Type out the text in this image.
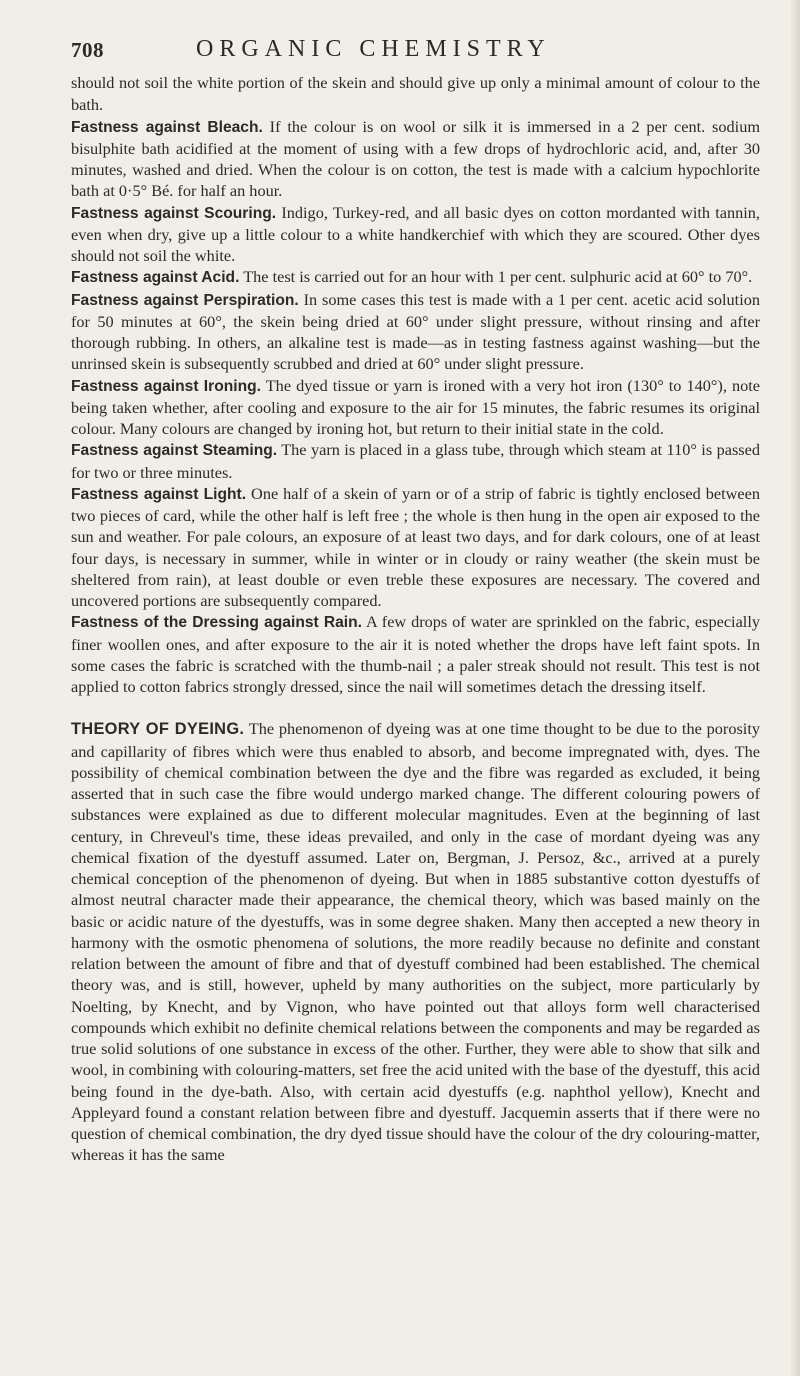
708	ORGANIC CHEMISTRY

should not soil the white portion of the skein and should give up only a minimal amount of colour to the bath.

Fastness against Bleach. If the colour is on wool or silk it is immersed in a 2 per cent. sodium bisulphite bath acidified at the moment of using with a few drops of hydrochloric acid, and, after 30 minutes, washed and dried. When the colour is on cotton, the test is made with a calcium hypochlorite bath at 0·5° Bé. for half an hour.

Fastness against Scouring. Indigo, Turkey-red, and all basic dyes on cotton mordanted with tannin, even when dry, give up a little colour to a white handkerchief with which they are scoured. Other dyes should not soil the white.

Fastness against Acid. The test is carried out for an hour with 1 per cent. sulphuric acid at 60° to 70°.

Fastness against Perspiration. In some cases this test is made with a 1 per cent. acetic acid solution for 50 minutes at 60°, the skein being dried at 60° under slight pressure, without rinsing and after thorough rubbing. In others, an alkaline test is made—as in testing fastness against washing—but the unrinsed skein is subsequently scrubbed and dried at 60° under slight pressure.

Fastness against Ironing. The dyed tissue or yarn is ironed with a very hot iron (130° to 140°), note being taken whether, after cooling and exposure to the air for 15 minutes, the fabric resumes its original colour. Many colours are changed by ironing hot, but return to their initial state in the cold.

Fastness against Steaming. The yarn is placed in a glass tube, through which steam at 110° is passed for two or three minutes.

Fastness against Light. One half of a skein of yarn or of a strip of fabric is tightly enclosed between two pieces of card, while the other half is left free ; the whole is then hung in the open air exposed to the sun and weather. For pale colours, an exposure of at least two days, and for dark colours, one of at least four days, is necessary in summer, while in winter or in cloudy or rainy weather (the skein must be sheltered from rain), at least double or even treble these exposures are necessary. The covered and uncovered portions are subsequently compared.

Fastness of the Dressing against Rain. A few drops of water are sprinkled on the fabric, especially finer woollen ones, and after exposure to the air it is noted whether the drops have left faint spots. In some cases the fabric is scratched with the thumb-nail ; a paler streak should not result. This test is not applied to cotton fabrics strongly dressed, since the nail will sometimes detach the dressing itself.

THEORY OF DYEING. The phenomenon of dyeing was at one time thought to be due to the porosity and capillarity of fibres which were thus enabled to absorb, and become impregnated with, dyes. The possibility of chemical combination between the dye and the fibre was regarded as excluded, it being asserted that in such case the fibre would undergo marked change. The different colouring powers of substances were explained as due to different molecular magnitudes. Even at the beginning of last century, in Chreveul's time, these ideas prevailed, and only in the case of mordant dyeing was any chemical fixation of the dyestuff assumed. Later on, Bergman, J. Persoz, &c., arrived at a purely chemical conception of the phenomenon of dyeing. But when in 1885 substantive cotton dyestuffs of almost neutral character made their appearance, the chemical theory, which was based mainly on the basic or acidic nature of the dyestuffs, was in some degree shaken. Many then accepted a new theory in harmony with the osmotic phenomena of solutions, the more readily because no definite and constant relation between the amount of fibre and that of dyestuff combined had been established. The chemical theory was, and is still, however, upheld by many authorities on the subject, more particularly by Noelting, by Knecht, and by Vignon, who have pointed out that alloys form well characterised compounds which exhibit no definite chemical relations between the components and may be regarded as true solid solutions of one substance in excess of the other. Further, they were able to show that silk and wool, in combining with colouring-matters, set free the acid united with the base of the dyestuff, this acid being found in the dye-bath. Also, with certain acid dyestuffs (e.g. naphthol yellow), Knecht and Appleyard found a constant relation between fibre and dyestuff. Jacquemin asserts that if there were no question of chemical combination, the dry dyed tissue should have the colour of the dry colouring-matter, whereas it has the same
